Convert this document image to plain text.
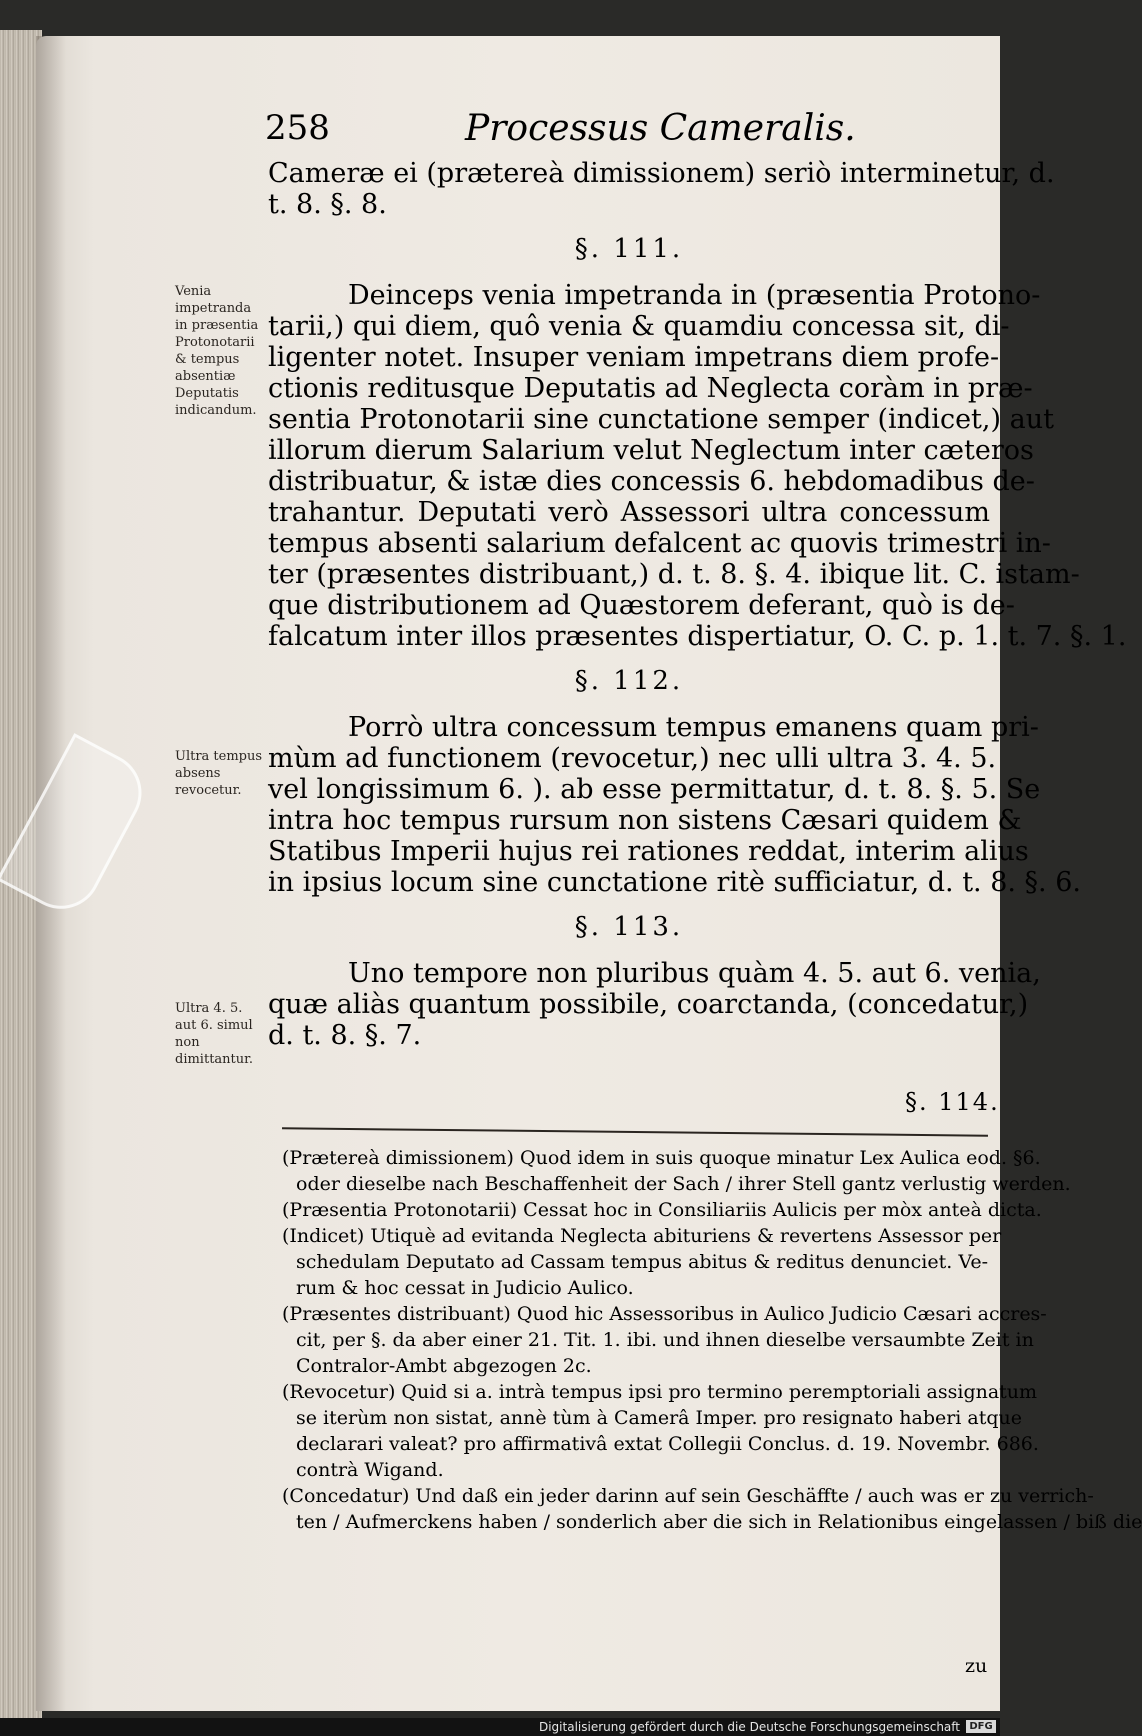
258	Processus Cameralis.
Cameræ ei (prætereà dimissionem) seriò interminetur, d.
t. 8. §. 8.
§. 111.
Deinceps venia impetranda in (præsentia Protono-
tarii,) qui diem, quô venia & quamdiu concessa sit, di-
ligenter notet. Insuper veniam impetrans diem profe-
ctionis reditusque Deputatis ad Neglecta coràm in præ-
sentia Protonotarii sine cunctatione semper (indicet,) aut
illorum dierum Salarium velut Neglectum inter cæteros
distribuatur, & istæ dies concessis 6. hebdomadibus de-
trahantur. Deputati verò Assessori ultra concessum
tempus absenti salarium defalcent ac quovis trimestri in-
ter (præsentes distribuant,) d. t. 8. §. 4. ibique lit. C. istam-
que distributionem ad Quæstorem deferant, quò is de-
falcatum inter illos præsentes dispertiatur, O. C. p. 1. t. 7. §. 1.
§. 112.
Porrò ultra concessum tempus emanens quam pri-
mùm ad functionem (revocetur,) nec ulli ultra 3. 4. 5.
vel longissimum 6. ). ab esse permittatur, d. t. 8. §. 5. Se
intra hoc tempus rursum non sistens Cæsari quidem &
Statibus Imperii hujus rei rationes reddat, interim alius
in ipsius locum sine cunctatione ritè sufficiatur, d. t. 8. §. 6.
§. 113.
Uno tempore non pluribus quàm 4. 5. aut 6. venia,
quæ aliàs quantum possibile, coarctanda, (concedatur,)
d. t. 8. §. 7.
Venia impetranda in præsentia Protonotarii & tempus absentiæ Deputatis indicandum.
Ultra tempus absens revocetur.
Ultra 4. 5. aut 6. simul non dimittantur.
§. 114.
(Prætereà dimissionem) Quod idem in suis quoque minatur Lex Aulica eod. §6.
oder dieselbe nach Beschaffenheit der Sach / ihrer Stell gantz verlustig werden.
(Præsentia Protonotarii) Cessat hoc in Consiliariis Aulicis per mòx anteà dicta.
(Indicet) Utiquè ad evitanda Neglecta abituriens & revertens Assessor per
schedulam Deputato ad Cassam tempus abitus & reditus denunciet. Ve-
rum & hoc cessat in Judicio Aulico.
(Præsentes distribuant) Quod hic Assessoribus in Aulico Judicio Cæsari accres-
cit, per §. da aber einer 21. Tit. 1. ibi. und ihnen dieselbe versaumbte Zeit in
Contralor-Ambt abgezogen 2c.
(Revocetur) Quid si a. intrà tempus ipsi pro termino peremptoriali assignatum
se iterùm non sistat, annè tùm à Camerâ Imper. pro resignato haberi atque
declarari valeat? pro affirmativâ extat Collegii Conclus. d. 19. Novembr. 686.
contrà Wigand.
(Concedatur) Und daß ein jeder darinn auf sein Geschäffte / auch was er zu verrich-
ten / Aufmerckens haben / sonderlich aber die sich in Relationibus eingelassen / biß die
zu
Digitalisierung gefördert durch die Deutsche Forschungsgemeinschaft DFG
